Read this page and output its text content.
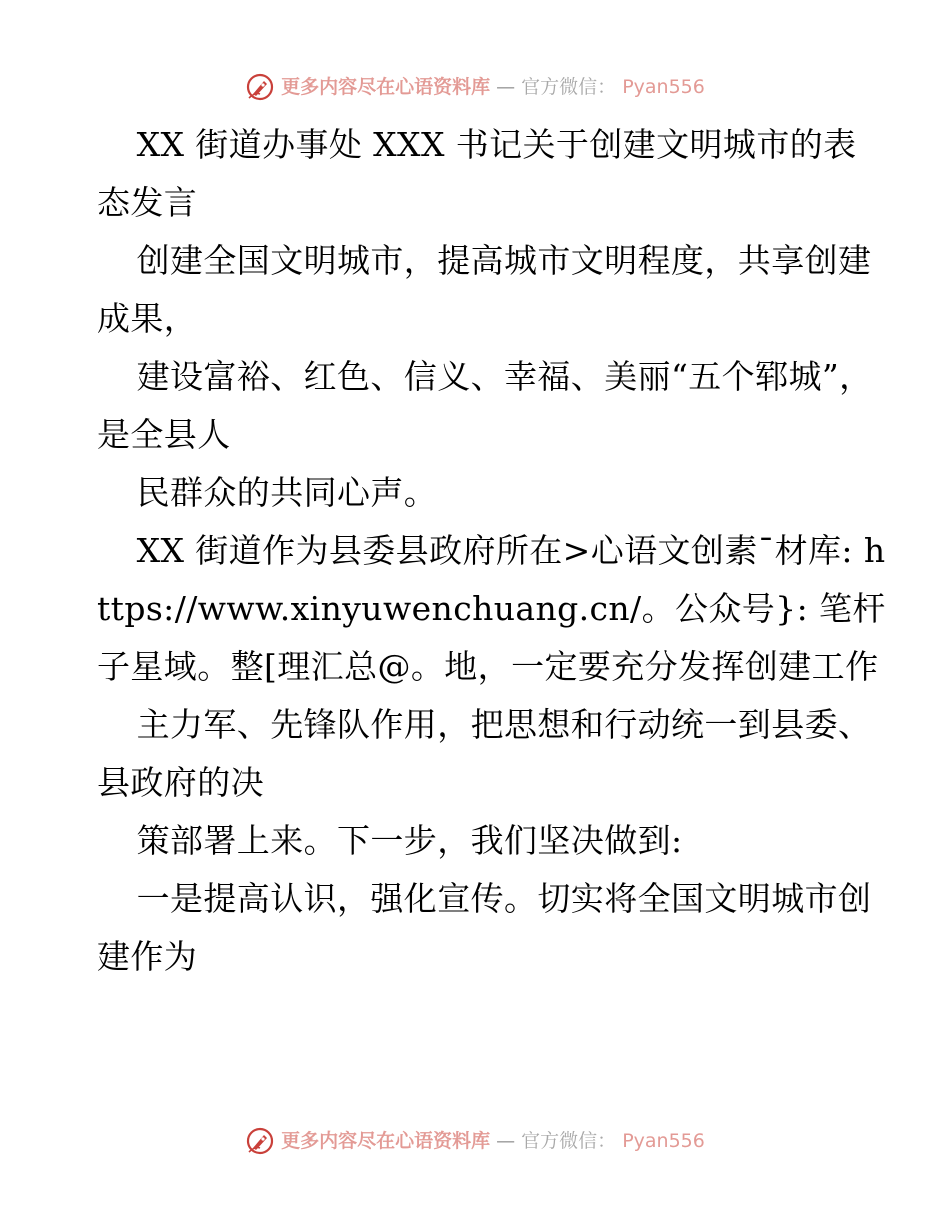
更多内容尽在心语资料库 — 官方微信： Pyan556

XX 街道办事处 XXX 书记关于创建文明城市的表态发言

创建全国文明城市，提高城市文明程度，共享创建成果，

建设富裕、红色、信义、幸福、美丽“五个郓城”，是全县人

民群众的共同心声。

XX 街道作为县委县政府所在>心语文创素¯材库: https://www.xinyuwenchuang.cn/。公众号}: 笔杆子星域。整[理汇总@。地，一定要充分发挥创建工作

主力军、先锋队作用，把思想和行动统一到县委、县政府的决

策部署上来。下一步，我们坚决做到:

一是提高认识，强化宣传。切实将全国文明城市创建作为

更多内容尽在心语资料库 — 官方微信： Pyan556
